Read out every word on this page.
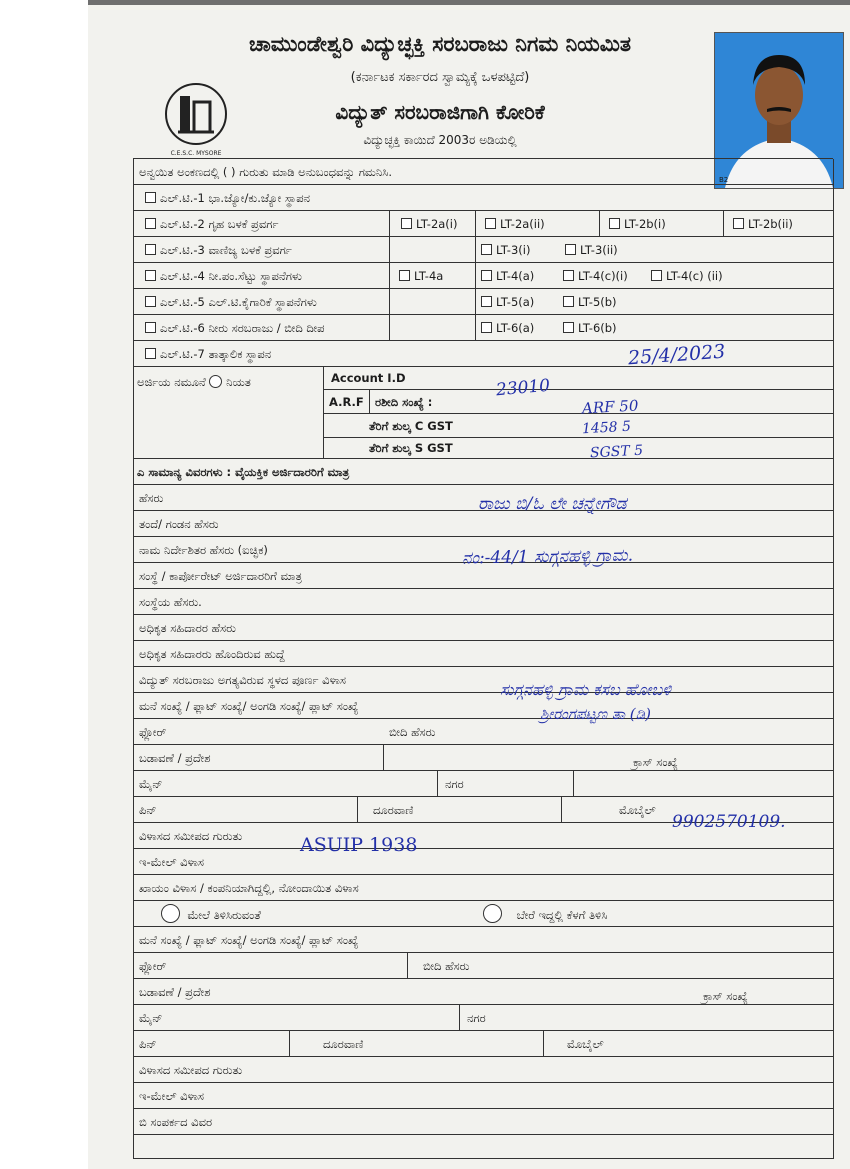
C.E.S.C. MYSORE
ಚಾಮುಂಡೇಶ್ವರಿ ವಿದ್ಯುಚ್ಛಕ್ತಿ ಸರಬರಾಜು ನಿಗಮ ನಿಯಮಿತ
(ಕರ್ನಾಟಕ ಸರ್ಕಾರದ ಸ್ವಾಮ್ಯಕ್ಕೆ ಒಳಪಟ್ಟಿದೆ)
ವಿದ್ಯುತ್ ಸರಬರಾಜಿಗಾಗಿ ಕೋರಿಕೆ
ವಿದ್ಯುಚ್ಛಕ್ತಿ ಕಾಯಿದೆ 2003ರ ಅಡಿಯಲ್ಲಿ
B2
ಅನ್ವಯಿತ ಅಂಕಣದಲ್ಲಿ ( ) ಗುರುತು ಮಾಡಿ ಅನುಬಂಧವನ್ನು ಗಮನಿಸಿ.
ಎಲ್.ಟಿ.-1 ಭಾ.ಜ್ಯೋ/ಕು.ಜ್ಯೋ ಸ್ಥಾಪನ
ಎಲ್.ಟಿ.-2 ಗೃಹ ಬಳಕೆ ಪ್ರವರ್ಗ	LT-2a(i)	LT-2a(ii)	LT-2b(i)	LT-2b(ii)
ಎಲ್.ಟಿ.-3 ವಾಣಿಜ್ಯ ಬಳಕೆ ಪ್ರವರ್ಗ	LT-3(i)	LT-3(ii)
ಎಲ್.ಟಿ.-4 ನೀ.ಪಂ.ಸೆಟ್ಟು ಸ್ಥಾಪನೆಗಳು	LT-4a	LT-4(a)	LT-4(c)(i)	LT-4(c) (ii)
ಎಲ್.ಟಿ.-5 ಎಲ್.ಟಿ.ಕೈಗಾರಿಕೆ ಸ್ಥಾಪನೆಗಳು	LT-5(a)	LT-5(b)
ಎಲ್.ಟಿ.-6 ನೀರು ಸರಬರಾಜು / ಬೀದಿ ದೀಪ	LT-6(a)	LT-6(b)
ಎಲ್.ಟಿ.-7 ತಾತ್ಕಾಲಿಕ ಸ್ಥಾಪನ
ಅರ್ಜಿಯ ನಮೂನೆ ನಿಯತ	Account I.D
A.R.F ರಶೀದಿ ಸಂಖ್ಯೆ :
ತೆರಿಗೆ ಶುಲ್ಕ C GST
ತೆರಿಗೆ ಶುಲ್ಕ S GST
ಎ ಸಾಮಾನ್ಯ ವಿವರಗಳು : ವೈಯಕ್ತಿಕ ಅರ್ಜಿದಾರರಿಗೆ ಮಾತ್ರ
ಹೆಸರು
ತಂದೆ/ ಗಂಡನ ಹೆಸರು
ನಾಮ ನಿರ್ದೇಶಿತರ ಹೆಸರು (ಐಚ್ಛಿಕ)
ಸಂಸ್ಥೆ / ಕಾರ್ಪೋರೇಟ್ ಅರ್ಜಿದಾರರಿಗೆ ಮಾತ್ರ
ಸಂಸ್ಥೆಯ ಹೆಸರು.
ಅಧಿಕೃತ ಸಹಿದಾರರ ಹೆಸರು
ಅಧಿಕೃತ ಸಹಿದಾರರು ಹೊಂದಿರುವ ಹುದ್ದೆ
ವಿದ್ಯುತ್ ಸರಬರಾಜು ಅಗತ್ಯವಿರುವ ಸ್ಥಳದ ಪೂರ್ಣ ವಿಳಾಸ
ಮನೆ ಸಂಖ್ಯೆ / ಫ್ಲಾಟ್ ಸಂಖ್ಯೆ/ ಅಂಗಡಿ ಸಂಖ್ಯೆ/ ಪ್ಲಾಟ್ ಸಂಖ್ಯೆ
ಫ್ಲೋರ್	ಬೀದಿ ಹೆಸರು
ಬಡಾವಣೆ / ಪ್ರದೇಶ	ಕ್ರಾಸ್ ಸಂಖ್ಯೆ
ಮೈನ್	ನಗರ
ಪಿನ್	ದೂರವಾಣಿ	ಮೊಬೈಲ್
ವಿಳಾಸದ ಸಮೀಪದ ಗುರುತು
ಇ-ಮೇಲ್ ವಿಳಾಸ
ಖಾಯಂ ವಿಳಾಸ / ಕಂಪನಿಯಾಗಿದ್ದಲ್ಲಿ, ನೋಂದಾಯಿತ ವಿಳಾಸ
ಮೇಲೆ ತಿಳಿಸಿರುವಂತೆ	ಬೇರೆ ಇದ್ದಲ್ಲಿ ಕೆಳಗೆ ತಿಳಿಸಿ
ಮನೆ ಸಂಖ್ಯೆ / ಫ್ಲಾಟ್ ಸಂಖ್ಯೆ/ ಅಂಗಡಿ ಸಂಖ್ಯೆ/ ಪ್ಲಾಟ್ ಸಂಖ್ಯೆ
ಫ್ಲೋರ್	ಬೀದಿ ಹೆಸರು
ಬಡಾವಣೆ / ಪ್ರದೇಶ	ಕ್ರಾಸ್ ಸಂಖ್ಯೆ
ಮೈನ್	ನಗರ
ಪಿನ್	ದೂರವಾಣಿ	ಮೊಬೈಲ್
ವಿಳಾಸದ ಸಮೀಪದ ಗುರುತು
ಇ-ಮೇಲ್ ವಿಳಾಸ
ಬಿ ಸಂಪರ್ಕದ ವಿವರ
25/4/2023
23010
ARF 50
1458 5
SGST 5
ರಾಜು ಬಿ/ಓ ಲೇ ಚನ್ನೇಗೌಡ
ನಂ:-44/1 ಸುಗ್ಗನಹಳ್ಳಿ ಗ್ರಾಮ.
ಸುಗ್ಗನಹಳ್ಳಿ ಗ್ರಾಮ ಕಸಬ ಹೋಬಳಿ
ಶ್ರೀರಂಗಪಟ್ಟಣ ತಾ (ಡಿ)
9902570109.
ASUIP 1938
